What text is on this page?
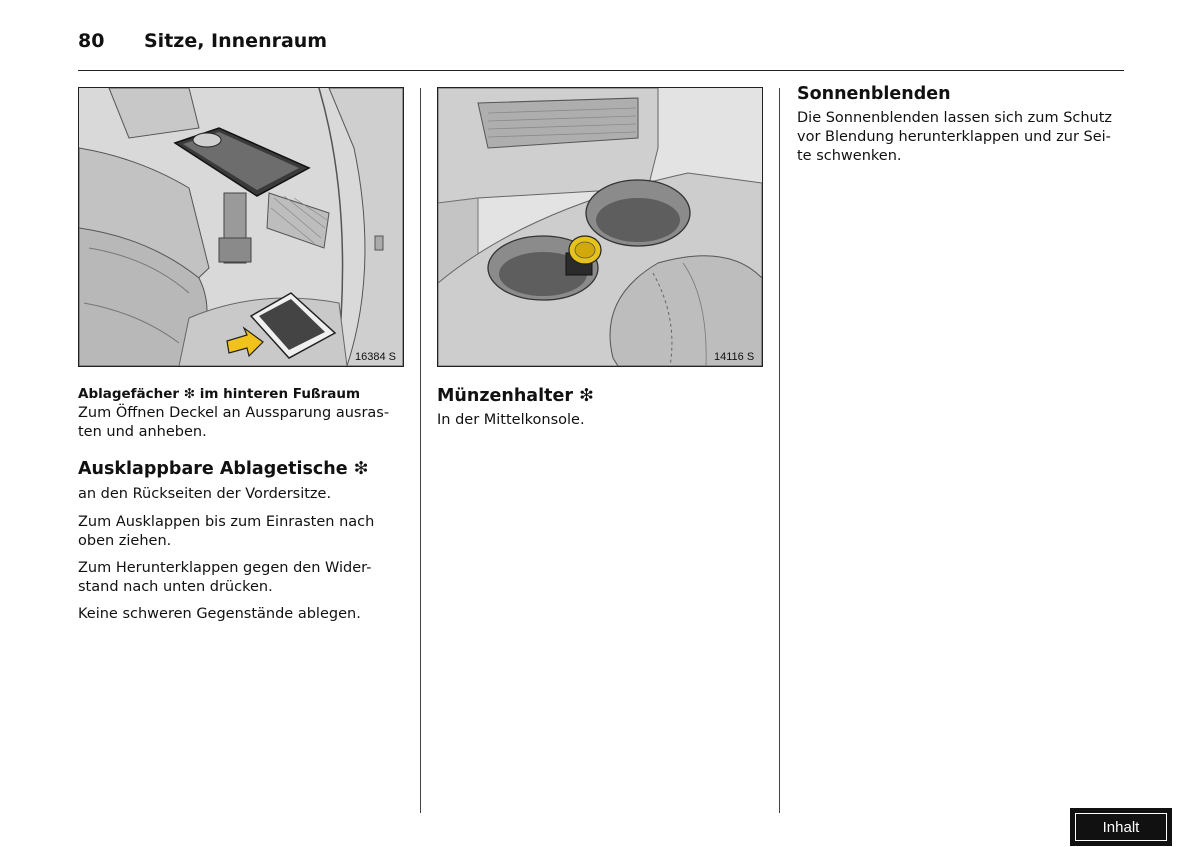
80 Sitze, Innenraum
16384 S	14116 S
Ablagefächer ❇ im hinteren Fußraum
Zum Öffnen Deckel an Aussparung ausras-
ten und anheben.
Ausklappbare Ablagetische ❇
an den Rückseiten der Vordersitze.
Zum Ausklappen bis zum Einrasten nach
oben ziehen.
Zum Herunterklappen gegen den Wider-
stand nach unten drücken.
Keine schweren Gegenstände ablegen.
Münzenhalter ❇
In der Mittelkonsole.
Sonnenblenden
Die Sonnenblenden lassen sich zum Schutz
vor Blendung herunterklappen und zur Sei-
te schwenken.
Inhalt
